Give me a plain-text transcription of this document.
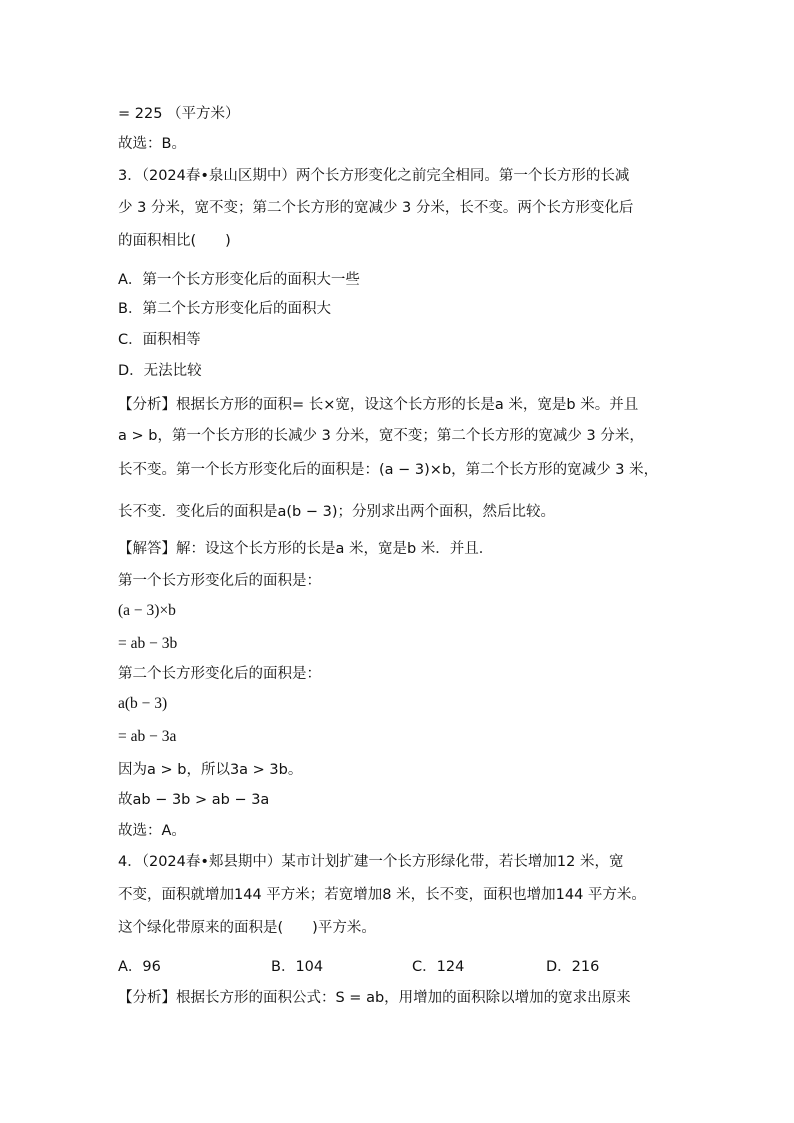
= 225 （平方米）
故选：B。
3．（2024春•泉山区期中）两个长方形变化之前完全相同。第一个长方形的长减
少 3 分米，宽不变；第二个长方形的宽减少 3 分米，长不变。两个长方形变化后
的面积相比(　　)
A．第一个长方形变化后的面积大一些
B．第二个长方形变化后的面积大
C．面积相等
D．无法比较
【分析】根据长方形的面积= 长×宽，设这个长方形的长是a 米，宽是b 米。并且
a > b，第一个长方形的长减少 3 分米，宽不变；第二个长方形的宽减少 3 分米，
长不变。第一个长方形变化后的面积是：(a − 3)×b，第二个长方形的宽减少 3 米，
长不变．变化后的面积是a(b − 3)；分别求出两个面积，然后比较。
【解答】解：设这个长方形的长是a 米，宽是b 米．并且．
第一个长方形变化后的面积是：
(a − 3)×b
= ab − 3b
第二个长方形变化后的面积是：
a(b − 3)
= ab − 3a
因为a > b，所以3a > 3b。
故ab − 3b > ab − 3a
故选：A。
4．（2024春•郏县期中）某市计划扩建一个长方形绿化带，若长增加12 米，宽
不变，面积就增加144 平方米；若宽增加8 米，长不变，面积也增加144 平方米。
这个绿化带原来的面积是(　　)平方米。
A．96	B．104	C．124	D．216
【分析】根据长方形的面积公式：S = ab，用增加的面积除以增加的宽求出原来
